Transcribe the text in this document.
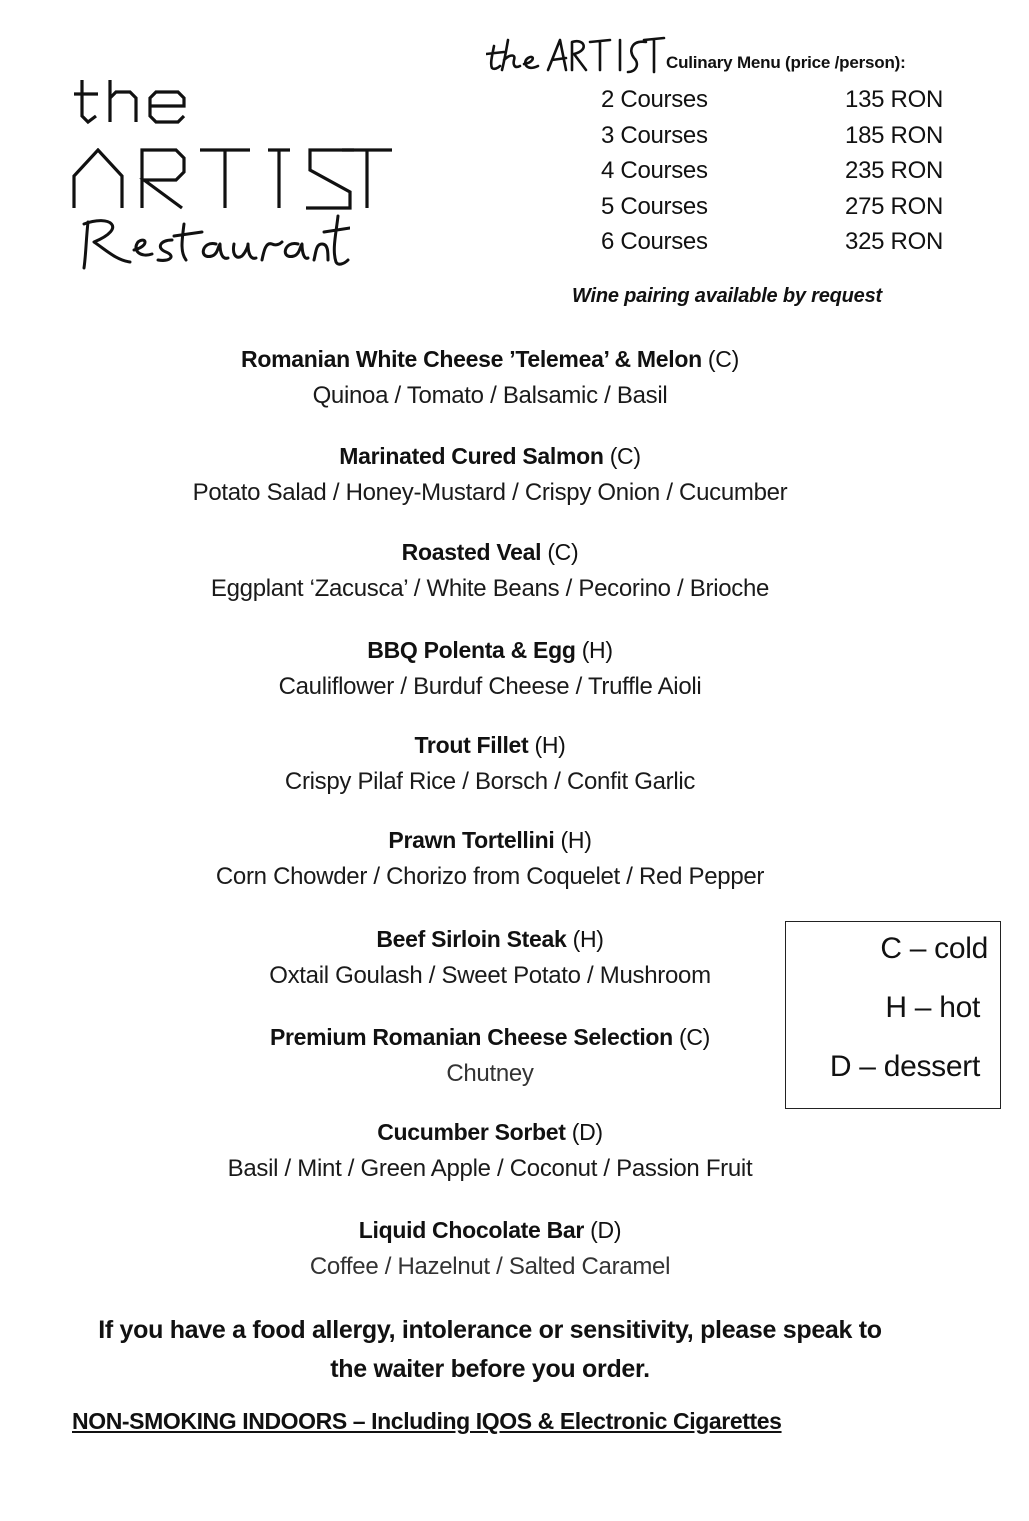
Culinary Menu (price /person):
2 Courses	135 RON
3 Courses	185 RON
4 Courses	235 RON
5 Courses	275 RON
6 Courses	325 RON
Wine pairing available by request
Romanian White Cheese ’Telemea’ & Melon (C)
Quinoa / Tomato / Balsamic / Basil
Marinated Cured Salmon (C)
Potato Salad / Honey-Mustard / Crispy Onion / Cucumber
Roasted Veal (C)
Eggplant ‘Zacusca’ / White Beans / Pecorino / Brioche
BBQ Polenta & Egg (H)
Cauliflower / Burduf Cheese / Truffle Aioli
Trout Fillet (H)
Crispy Pilaf Rice / Borsch / Confit Garlic
Prawn Tortellini (H)
Corn Chowder / Chorizo from Coquelet / Red Pepper
Beef Sirloin Steak (H)
Oxtail Goulash / Sweet Potato / Mushroom
Premium Romanian Cheese Selection (C)
Chutney
Cucumber Sorbet (D)
Basil / Mint / Green Apple / Coconut / Passion Fruit
Liquid Chocolate Bar (D)
Coffee / Hazelnut / Salted Caramel
C – cold
H – hot
D – dessert
If you have a food allergy, intolerance or sensitivity, please speak to
the waiter before you order.
NON-SMOKING INDOORS – Including IQOS & Electronic Cigarettes
